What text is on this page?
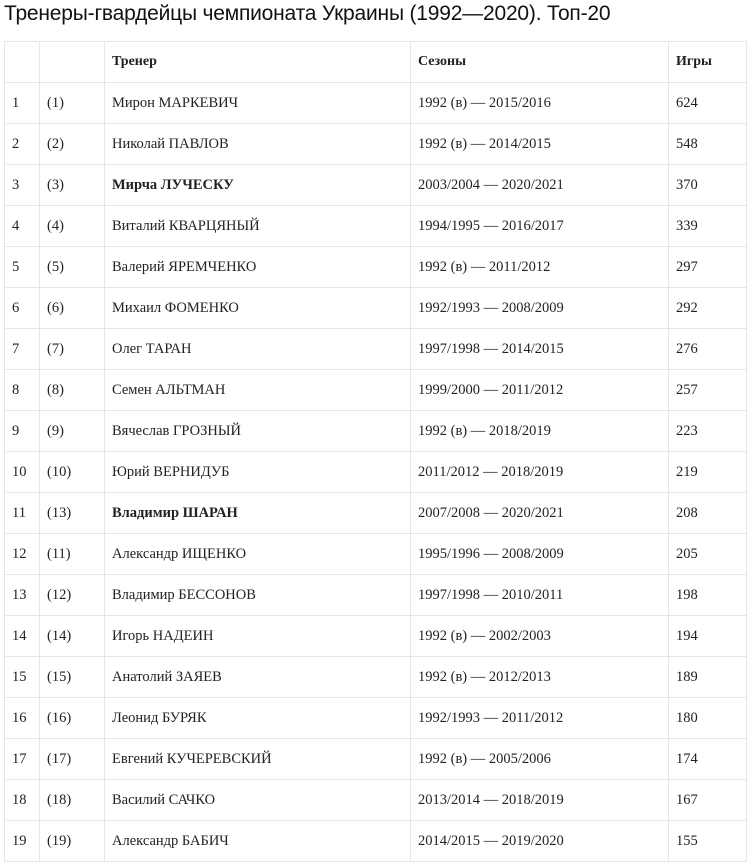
Тренеры-гвардейцы чемпионата Украины (1992—2020). Топ-20
		Тренер	Сезоны	Игры
1	(1)	Мирон МАРКЕВИЧ	1992 (в) — 2015/2016	624
2	(2)	Николай ПАВЛОВ	1992 (в) — 2014/2015	548
3	(3)	Мирча ЛУЧЕСКУ	2003/2004 — 2020/2021	370
4	(4)	Виталий КВАРЦЯНЫЙ	1994/1995 — 2016/2017	339
5	(5)	Валерий ЯРЕМЧЕНКО	1992 (в) — 2011/2012	297
6	(6)	Михаил ФОМЕНКО	1992/1993 — 2008/2009	292
7	(7)	Олег ТАРАН	1997/1998 — 2014/2015	276
8	(8)	Семен АЛЬТМАН	1999/2000 — 2011/2012	257
9	(9)	Вячеслав ГРОЗНЫЙ	1992 (в) — 2018/2019	223
10	(10)	Юрий ВЕРНИДУБ	2011/2012 — 2018/2019	219
11	(13)	Владимир ШАРАН	2007/2008 — 2020/2021	208
12	(11)	Александр ИЩЕНКО	1995/1996 — 2008/2009	205
13	(12)	Владимир БЕССОНОВ	1997/1998 — 2010/2011	198
14	(14)	Игорь НАДЕИН	1992 (в) — 2002/2003	194
15	(15)	Анатолий ЗАЯЕВ	1992 (в) — 2012/2013	189
16	(16)	Леонид БУРЯК	1992/1993 — 2011/2012	180
17	(17)	Евгений КУЧЕРЕВСКИЙ	1992 (в) — 2005/2006	174
18	(18)	Василий САЧКО	2013/2014 — 2018/2019	167
19	(19)	Александр БАБИЧ	2014/2015 — 2019/2020	155
